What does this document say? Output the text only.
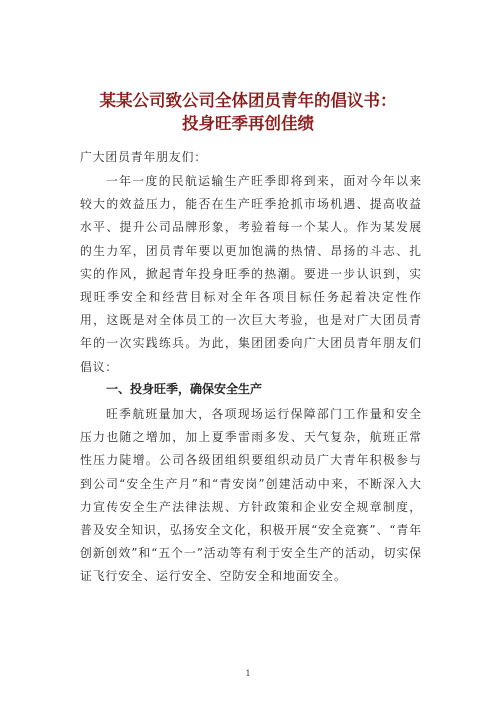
某某公司致公司全体团员青年的倡议书：
投身旺季再创佳绩
广大团员青年朋友们：
一年一度的民航运输生产旺季即将到来，面对今年以来较大的效益压力，能否在生产旺季抢抓市场机遇、提高收益水平、提升公司品牌形象，考验着每一个某人。作为某发展的生力军，团员青年要以更加饱满的热情、昂扬的斗志、扎实的作风，掀起青年投身旺季的热潮。要进一步认识到，实现旺季安全和经营目标对全年各项目标任务起着决定性作用，这既是对全体员工的一次巨大考验，也是对广大团员青年的一次实践练兵。为此，集团团委向广大团员青年朋友们倡议：
一、投身旺季，确保安全生产
旺季航班量加大，各项现场运行保障部门工作量和安全压力也随之增加，加上夏季雷雨多发、天气复杂，航班正常性压力陡增。公司各级团组织要组织动员广大青年积极参与到公司“安全生产月”和“青安岗”创建活动中来，不断深入大力宣传安全生产法律法规、方针政策和企业安全规章制度，普及安全知识，弘扬安全文化，积极开展“安全竞赛”、“青年创新创效”和“五个一”活动等有利于安全生产的活动，切实保证飞行安全、运行安全、空防安全和地面安全。
1
